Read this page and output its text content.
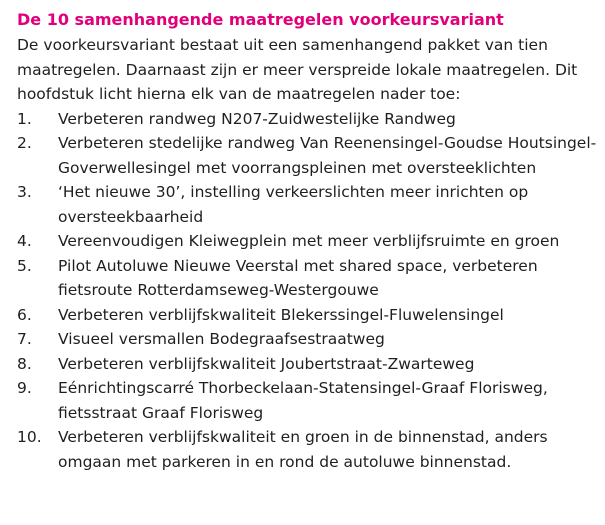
De 10 samenhangende maatregelen voorkeursvariant

De voorkeursvariant bestaat uit een samenhangend pakket van tien maatregelen. Daarnaast zijn er meer verspreide lokale maatregelen. Dit hoofdstuk licht hierna elk van de maatregelen nader toe:

1.	Verbeteren randweg N207-Zuidwestelijke Randweg
2.	Verbeteren stedelijke randweg Van Reenensingel-Goudse Houtsingel-
Goverwellesingel met voorrangspleinen met oversteeklichten
3.	‘Het nieuwe 30’, instelling verkeerslichten meer inrichten op
oversteekbaarheid
4.	Vereenvoudigen Kleiwegplein met meer verblijfsruimte en groen
5.	Pilot Autoluwe Nieuwe Veerstal met shared space, verbeteren
fietsroute Rotterdamseweg-Westergouwe
6.	Verbeteren verblijfskwaliteit Blekerssingel-Fluwelensingel
7.	Visueel versmallen Bodegraafsestraatweg
8.	Verbeteren verblijfskwaliteit Joubertstraat-Zwarteweg
9.	Eénrichtingscarré Thorbeckelaan-Statensingel-Graaf Florisweg,
fietsstraat Graaf Florisweg
10.	Verbeteren verblijfskwaliteit en groen in de binnenstad, anders
omgaan met parkeren in en rond de autoluwe binnenstad.
